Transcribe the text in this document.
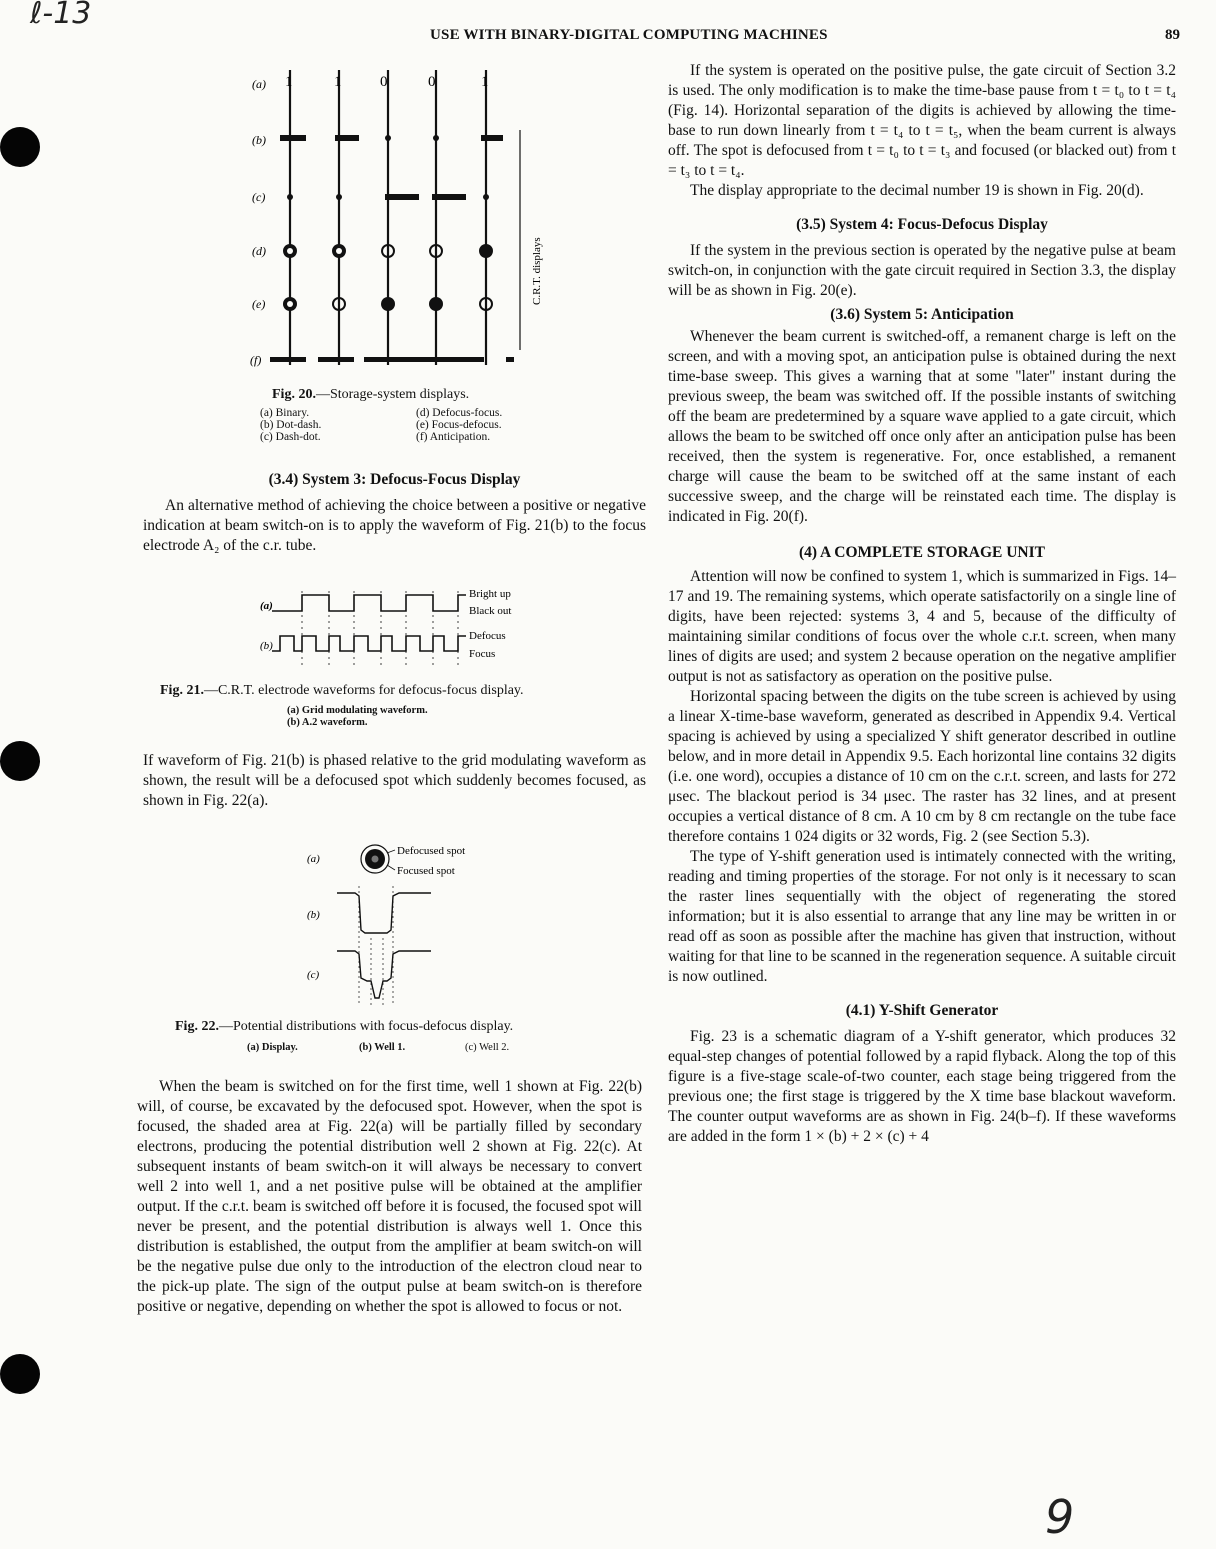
ℓ-13
9
USE WITH BINARY-DIGITAL COMPUTING MACHINES	89
(a) 1	1	0	0	1
(b)
(c)
(d)
(e)
(f)
C.R.T. displays
Fig. 20.—Storage-system displays.
(a) Binary.
(b) Dot-dash.
(c) Dash-dot.
(d) Defocus-focus.
(e) Focus-defocus.
(f) Anticipation.

(3.4) System 3: Defocus-Focus Display

An alternative method of achieving the choice between a positive or negative indication at beam switch-on is to apply the waveform of Fig. 21(b) to the focus electrode A₂ of the c.r. tube.

(a)
(b)
Bright up
Black out
Defocus
Focus
Fig. 21.—C.R.T. electrode waveforms for defocus-focus display.
(a) Grid modulating waveform.
(b) A.2 waveform.

If waveform of Fig. 21(b) is phased relative to the grid modulating waveform as shown, the result will be a defocused spot which suddenly becomes focused, as shown in Fig. 22(a).

(a)
Defocused spot
Focused spot
(b)
(c)
Fig. 22.—Potential distributions with focus-defocus display.
(a) Display.	(b) Well 1.	(c) Well 2.

When the beam is switched on for the first time, well 1 shown at Fig. 22(b) will, of course, be excavated by the defocused spot. However, when the spot is focused, the shaded area at Fig. 22(a) will be partially filled by secondary electrons, producing the potential distribution well 2 shown at Fig. 22(c). At subsequent instants of beam switch-on it will always be necessary to convert well 2 into well 1, and a net positive pulse will be obtained at the amplifier output. If the c.r.t. beam is switched off before it is focused, the focused spot will never be present, and the potential distribution is always well 1. Once this distribution is established, the output from the amplifier at beam switch-on will be the negative pulse due only to the introduction of the electron cloud near to the pick-up plate. The sign of the output pulse at beam switch-on is therefore positive or negative, depending on whether the spot is allowed to focus or not.

If the system is operated on the positive pulse, the gate circuit of Section 3.2 is used. The only modification is to make the time-base pause from t = t₀ to t = t₄ (Fig. 14). Horizontal separation of the digits is achieved by allowing the time-base to run down linearly from t = t₄ to t = t₅, when the beam current is always off. The spot is defocused from t = t₀ to t = t₃ and focused (or blacked out) from t = t₃ to t = t₄.

The display appropriate to the decimal number 19 is shown in Fig. 20(d).

(3.5) System 4: Focus-Defocus Display

If the system in the previous section is operated by the negative pulse at beam switch-on, in conjunction with the gate circuit required in Section 3.3, the display will be as shown in Fig. 20(e).

(3.6) System 5: Anticipation

Whenever the beam current is switched-off, a remanent charge is left on the screen, and with a moving spot, an anticipation pulse is obtained during the next time-base sweep. This gives a warning that at some "later" instant during the previous sweep, the beam was switched off. If the possible instants of switching off the beam are predetermined by a square wave applied to a gate circuit, which allows the beam to be switched off once only after an anticipation pulse has been received, then the system is regenerative. For, once established, a remanent charge will cause the beam to be switched off at the same instant of each successive sweep, and the charge will be reinstated each time. The display is indicated in Fig. 20(f).

(4) A COMPLETE STORAGE UNIT

Attention will now be confined to system 1, which is summarized in Figs. 14–17 and 19. The remaining systems, which operate satisfactorily on a single line of digits, have been rejected: systems 3, 4 and 5, because of the difficulty of maintaining similar conditions of focus over the whole c.r.t. screen, when many lines of digits are used; and system 2 because operation on the negative amplifier output is not as satisfactory as operation on the positive pulse.

Horizontal spacing between the digits on the tube screen is achieved by using a linear X-time-base waveform, generated as described in Appendix 9.4. Vertical spacing is achieved by using a specialized Y shift generator described in outline below, and in more detail in Appendix 9.5. Each horizontal line contains 32 digits (i.e. one word), occupies a distance of 10 cm on the c.r.t. screen, and lasts for 272 μsec. The blackout period is 34 μsec. The raster has 32 lines, and at present occupies a vertical distance of 8 cm. A 10 cm by 8 cm rectangle on the tube face therefore contains 1 024 digits or 32 words, Fig. 2 (see Section 5.3).

The type of Y-shift generation used is intimately connected with the writing, reading and timing properties of the storage. For not only is it necessary to scan the raster lines sequentially with the object of regenerating the stored information; but it is also essential to arrange that any line may be written in or read off as soon as possible after the machine has given that instruction, without waiting for that line to be scanned in the regeneration sequence. A suitable circuit is now outlined.

(4.1) Y-Shift Generator

Fig. 23 is a schematic diagram of a Y-shift generator, which produces 32 equal-step changes of potential followed by a rapid flyback. Along the top of this figure is a five-stage scale-of-two counter, each stage being triggered from the previous one; the first stage is triggered by the X time base blackout waveform. The counter output waveforms are as shown in Fig. 24(b–f). If these waveforms are added in the form 1 × (b) + 2 × (c) + 4
